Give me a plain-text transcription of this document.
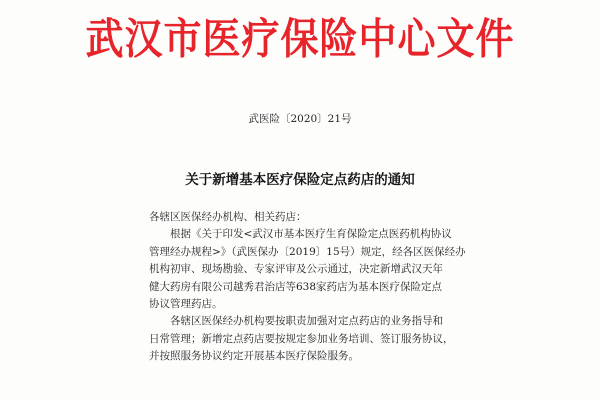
武汉市医疗保险中心文件
武医险〔2020〕21号
关于新增基本医疗保险定点药店的通知

各辖区医保经办机构、相关药店：

根据《关于印发<武汉市基本医疗生育保险定点医药机构协议

管理经办规程>》（武医保办〔2019〕15号）规定，经各区医保经办

机构初审、现场勘验、专家评审及公示通过，决定新增武汉天年

健大药房有限公司越秀君治店等638家药店为基本医疗保险定点

协议管理药店。

各辖区医保经办机构要按职责加强对定点药店的业务指导和

日常管理；新增定点药店要按规定参加业务培训、签订服务协议，

并按照服务协议约定开展基本医疗保险服务。
